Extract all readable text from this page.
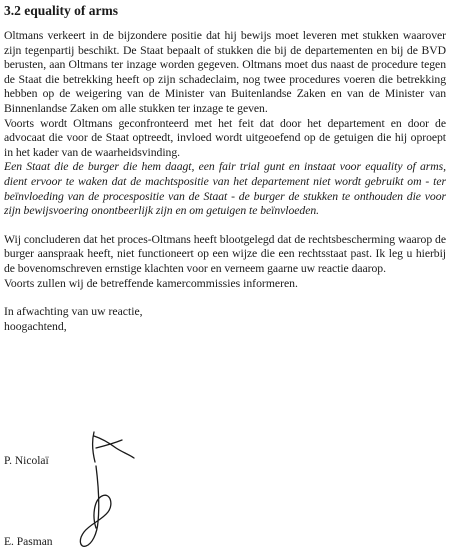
3.2 equality of arms

Oltmans verkeert in de bijzondere positie dat hij bewijs moet leveren met stukken waarover zijn tegenpartij beschikt. De Staat bepaalt of stukken die bij de departementen en bij de BVD berusten, aan Oltmans ter inzage worden gegeven. Oltmans moet dus naast de procedure tegen de Staat die betrekking heeft op zijn schadeclaim, nog twee procedures voeren die betrekking hebben op de weigering van de Minister van Buitenlandse Zaken en van de Minister van Binnenlandse Zaken om alle stukken ter inzage te geven.

Voorts wordt Oltmans geconfronteerd met het feit dat door het departement en door de advocaat die voor de Staat optreedt, invloed wordt uitgeoefend op de getuigen die hij oproept in het kader van de waarheidsvinding.

Een Staat die de burger die hem daagt, een fair trial gunt en instaat voor equality of arms, dient ervoor te waken dat de machtspositie van het departement niet wordt gebruikt om - ter beïnvloeding van de procespositie van de Staat - de burger de stukken te onthouden die voor zijn bewijsvoering onontbeerlijk zijn en om getuigen te beïnvloeden.

Wij concluderen dat het proces-Oltmans heeft blootgelegd dat de rechtsbescherming waarop de burger aanspraak heeft, niet functioneert op een wijze die een rechtsstaat past. Ik leg u hierbij de bovenomschreven ernstige klachten voor en verneem gaarne uw reactie daarop.

Voorts zullen wij de betreffende kamercommissies informeren.

In afwachting van uw reactie,

hoogachtend,

P. Nicolaï
E. Pasman
